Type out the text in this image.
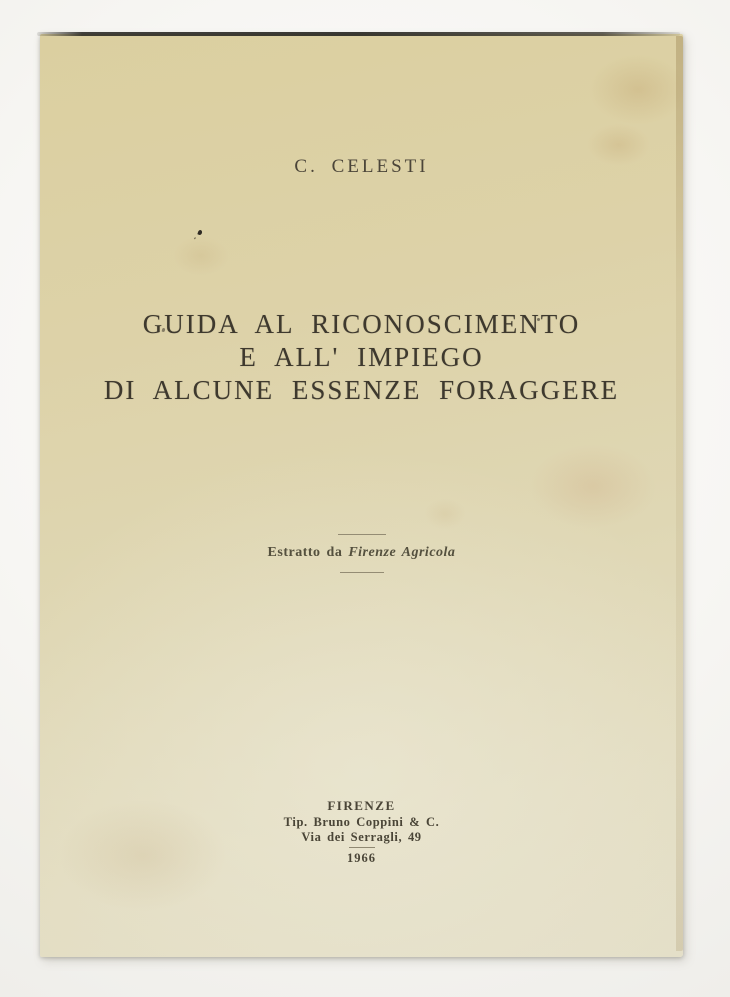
C. CELESTI
GUIDA AL RICONOSCIMENTO
E ALL' IMPIEGO
DI ALCUNE ESSENZE FORAGGERE
Estratto da Firenze Agricola
FIRENZE
Tip. Bruno Coppini & C.
Via dei Serragli, 49
1966
